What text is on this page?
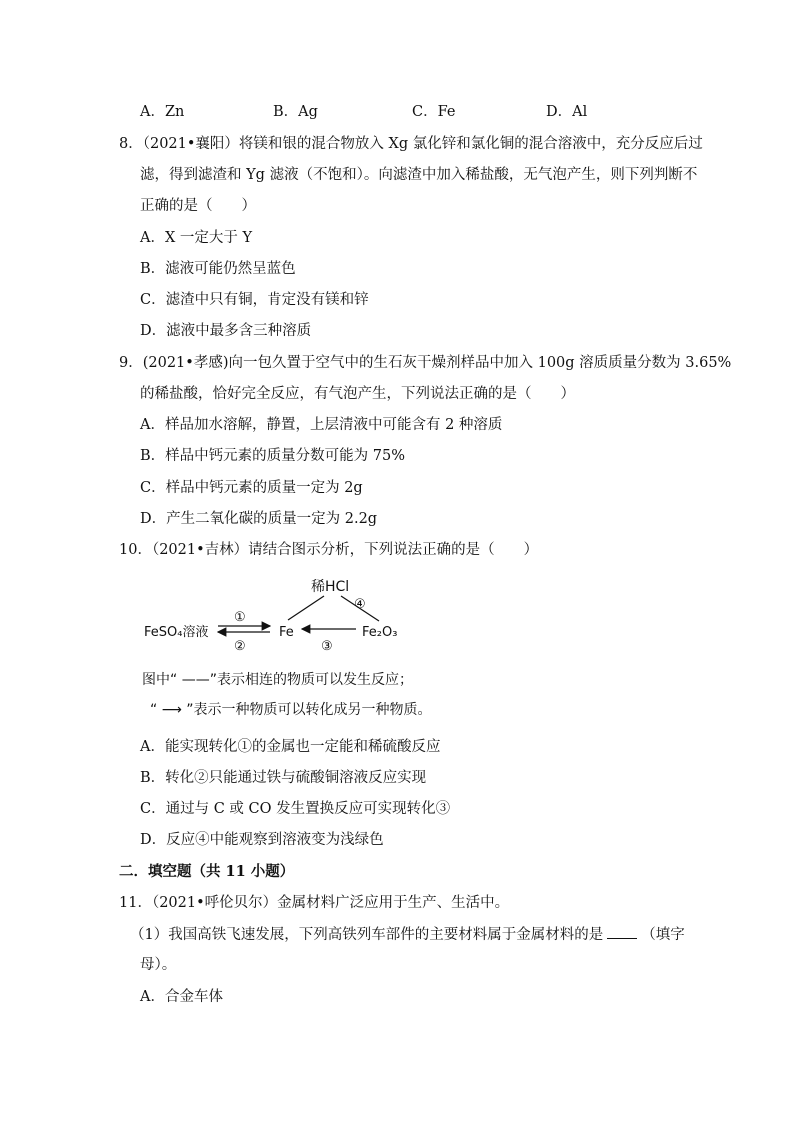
A．Zn	B．Ag	C．Fe	D．Al
8．（2021•襄阳）将镁和银的混合物放入 Xg 氯化锌和氯化铜的混合溶液中，充分反应后过
滤，得到滤渣和 Yg 滤液（不饱和）。向滤渣中加入稀盐酸，无气泡产生，则下列判断不
正确的是（　　）
A．X 一定大于 Y
B．滤液可能仍然呈蓝色
C．滤渣中只有铜，肯定没有镁和锌
D．滤液中最多含三种溶质
9．(2021•孝感)向一包久置于空气中的生石灰干燥剂样品中加入 100g 溶质质量分数为 3.65%
的稀盐酸，恰好完全反应，有气泡产生，下列说法正确的是（　　）
A．样品加水溶解，静置，上层清液中可能含有 2 种溶质
B．样品中钙元素的质量分数可能为 75%
C．样品中钙元素的质量一定为 2g
D．产生二氧化碳的质量一定为 2.2g
10．（2021•吉林）请结合图示分析，下列说法正确的是（　　）
稀HCl
FeSO₄溶液	Fe	Fe₂O₃
①
②	③
④
图中“ ——”表示相连的物质可以发生反应；
“ ⟶ ”表示一种物质可以转化成另一种物质。
A．能实现转化①的金属也一定能和稀硫酸反应
B．转化②只能通过铁与硫酸铜溶液反应实现
C．通过与 C 或 CO 发生置换反应可实现转化③
D．反应④中能观察到溶液变为浅绿色
二．填空题（共 11 小题）
11．（2021•呼伦贝尔）金属材料广泛应用于生产、生活中。
（1）我国高铁飞速发展，下列高铁列车部件的主要材料属于金属材料的是	（填字
母）。
A．合金车体
